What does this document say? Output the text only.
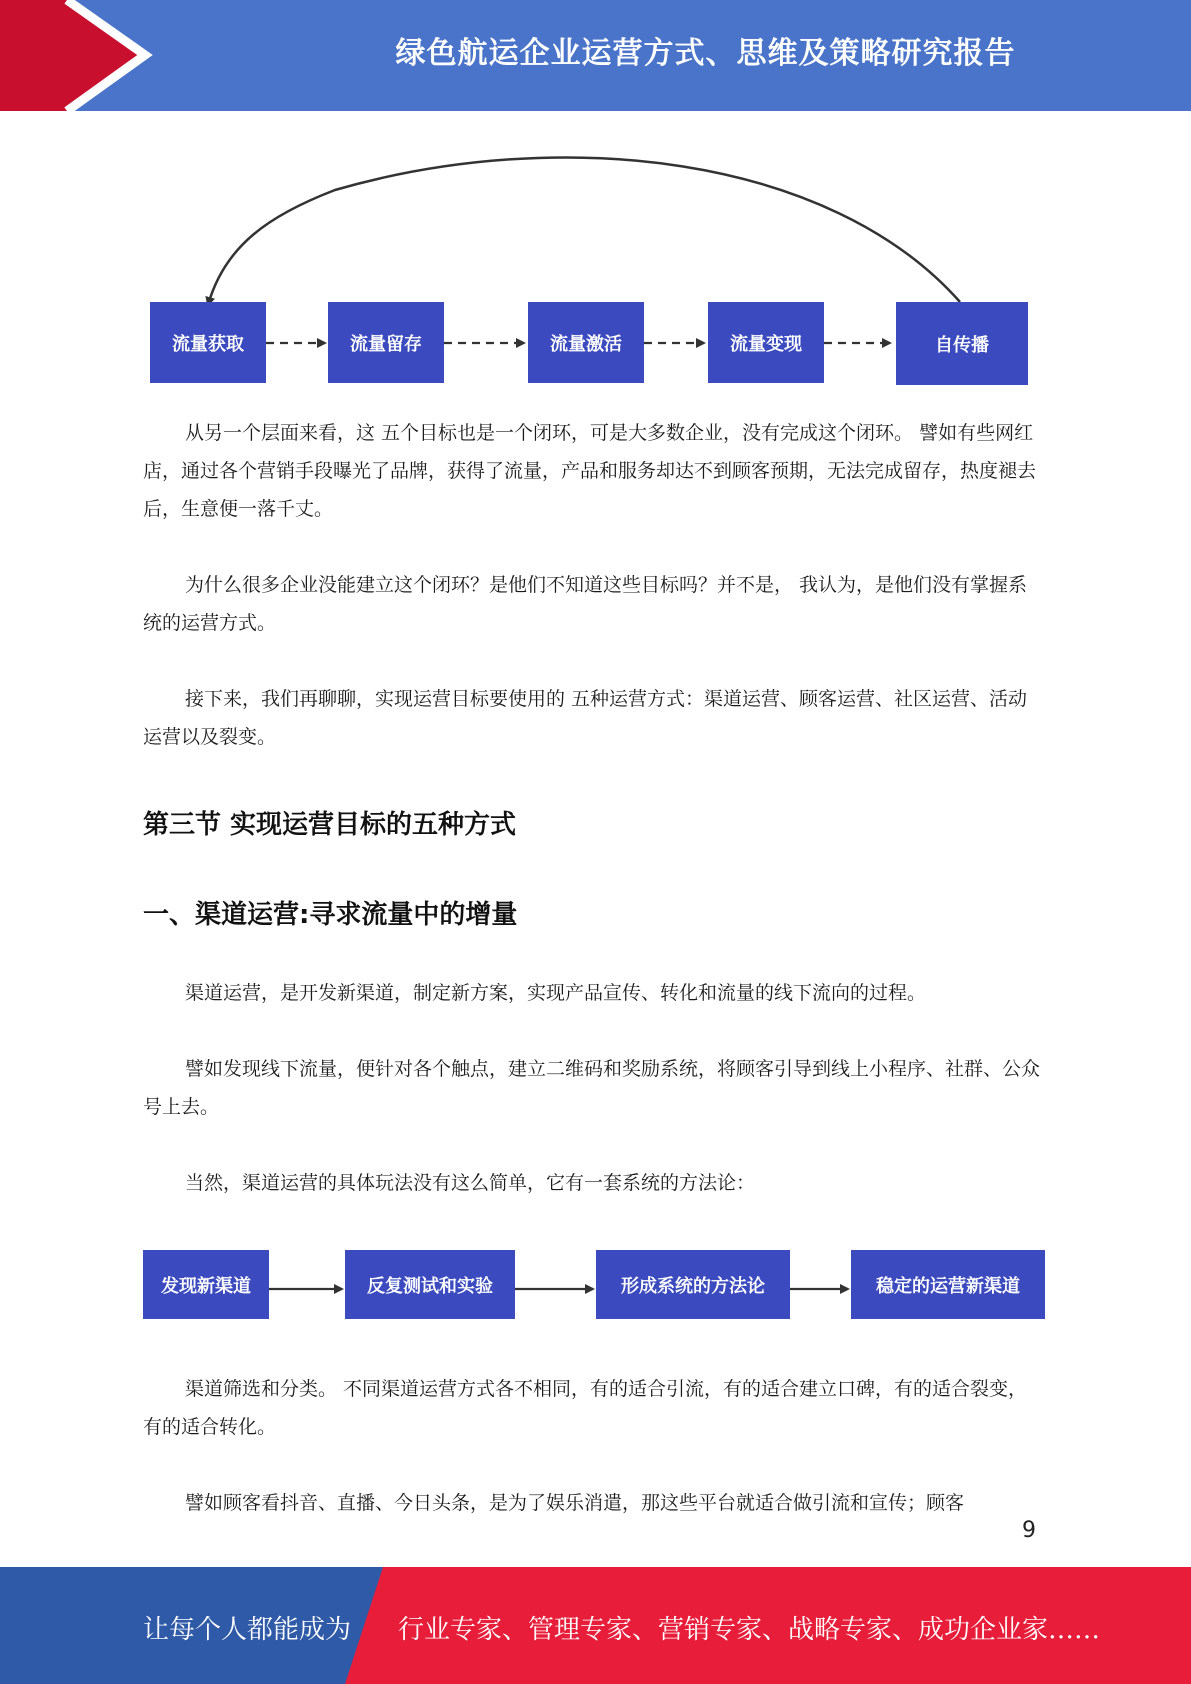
绿色航运企业运营方式、思维及策略研究报告
流量获取	流量留存	流量激活	流量变现	自传播

从另一个层面来看，这 五个目标也是一个闭环，可是大多数企业，没有完成这个闭环。 譬如有些网红店，通过各个营销手段曝光了品牌，获得了流量，产品和服务却达不到顾客预期，无法完成留存，热度褪去后，生意便一落千丈。

为什么很多企业没能建立这个闭环？是他们不知道这些目标吗？并不是， 我认为，是他们没有掌握系统的运营方式。

接下来，我们再聊聊，实现运营目标要使用的 五种运营方式：渠道运营、顾客运营、社区运营、活动运营以及裂变。

第三节 实现运营目标的五种方式
一、渠道运营:寻求流量中的增量

渠道运营，是开发新渠道，制定新方案，实现产品宣传、转化和流量的线下流向的过程。

譬如发现线下流量，便针对各个触点，建立二维码和奖励系统，将顾客引导到线上小程序、社群、公众号上去。

当然，渠道运营的具体玩法没有这么简单，它有一套系统的方法论：

发现新渠道	反复测试和实验	形成系统的方法论	稳定的运营新渠道

渠道筛选和分类。 不同渠道运营方式各不相同，有的适合引流，有的适合建立口碑，有的适合裂变，有的适合转化。

譬如顾客看抖音、直播、今日头条，是为了娱乐消遣，那这些平台就适合做引流和宣传；顾客

9
让每个人都能成为 行业专家、管理专家、营销专家、战略专家、成功企业家……
